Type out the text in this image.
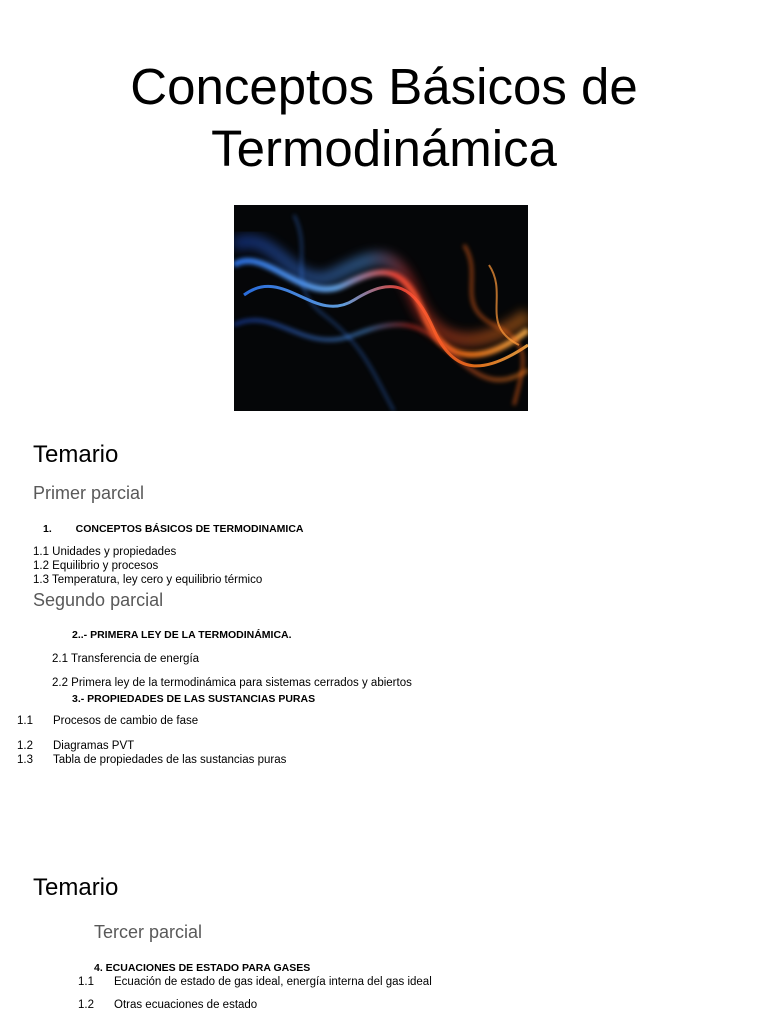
Conceptos Básicos de
Termodinámica
Temario
Primer parcial
1. CONCEPTOS BÁSICOS DE TERMODINAMICA
1.1 Unidades y propiedades
1.2 Equilibrio y procesos
1.3 Temperatura, ley cero y equilibrio térmico
Segundo parcial
2..- PRIMERA LEY DE LA TERMODINÁMICA.
2.1 Transferencia de energía
2.2 Primera ley de la termodinámica para sistemas cerrados y abiertos
3.- PROPIEDADES DE LAS SUSTANCIAS PURAS
1.1 Procesos de cambio de fase
1.2 Diagramas PVT
1.3 Tabla de propiedades de las sustancias puras
Temario
Tercer parcial
4. ECUACIONES DE ESTADO PARA GASES
1.1 Ecuación de estado de gas ideal, energía interna del gas ideal
1.2 Otras ecuaciones de estado
